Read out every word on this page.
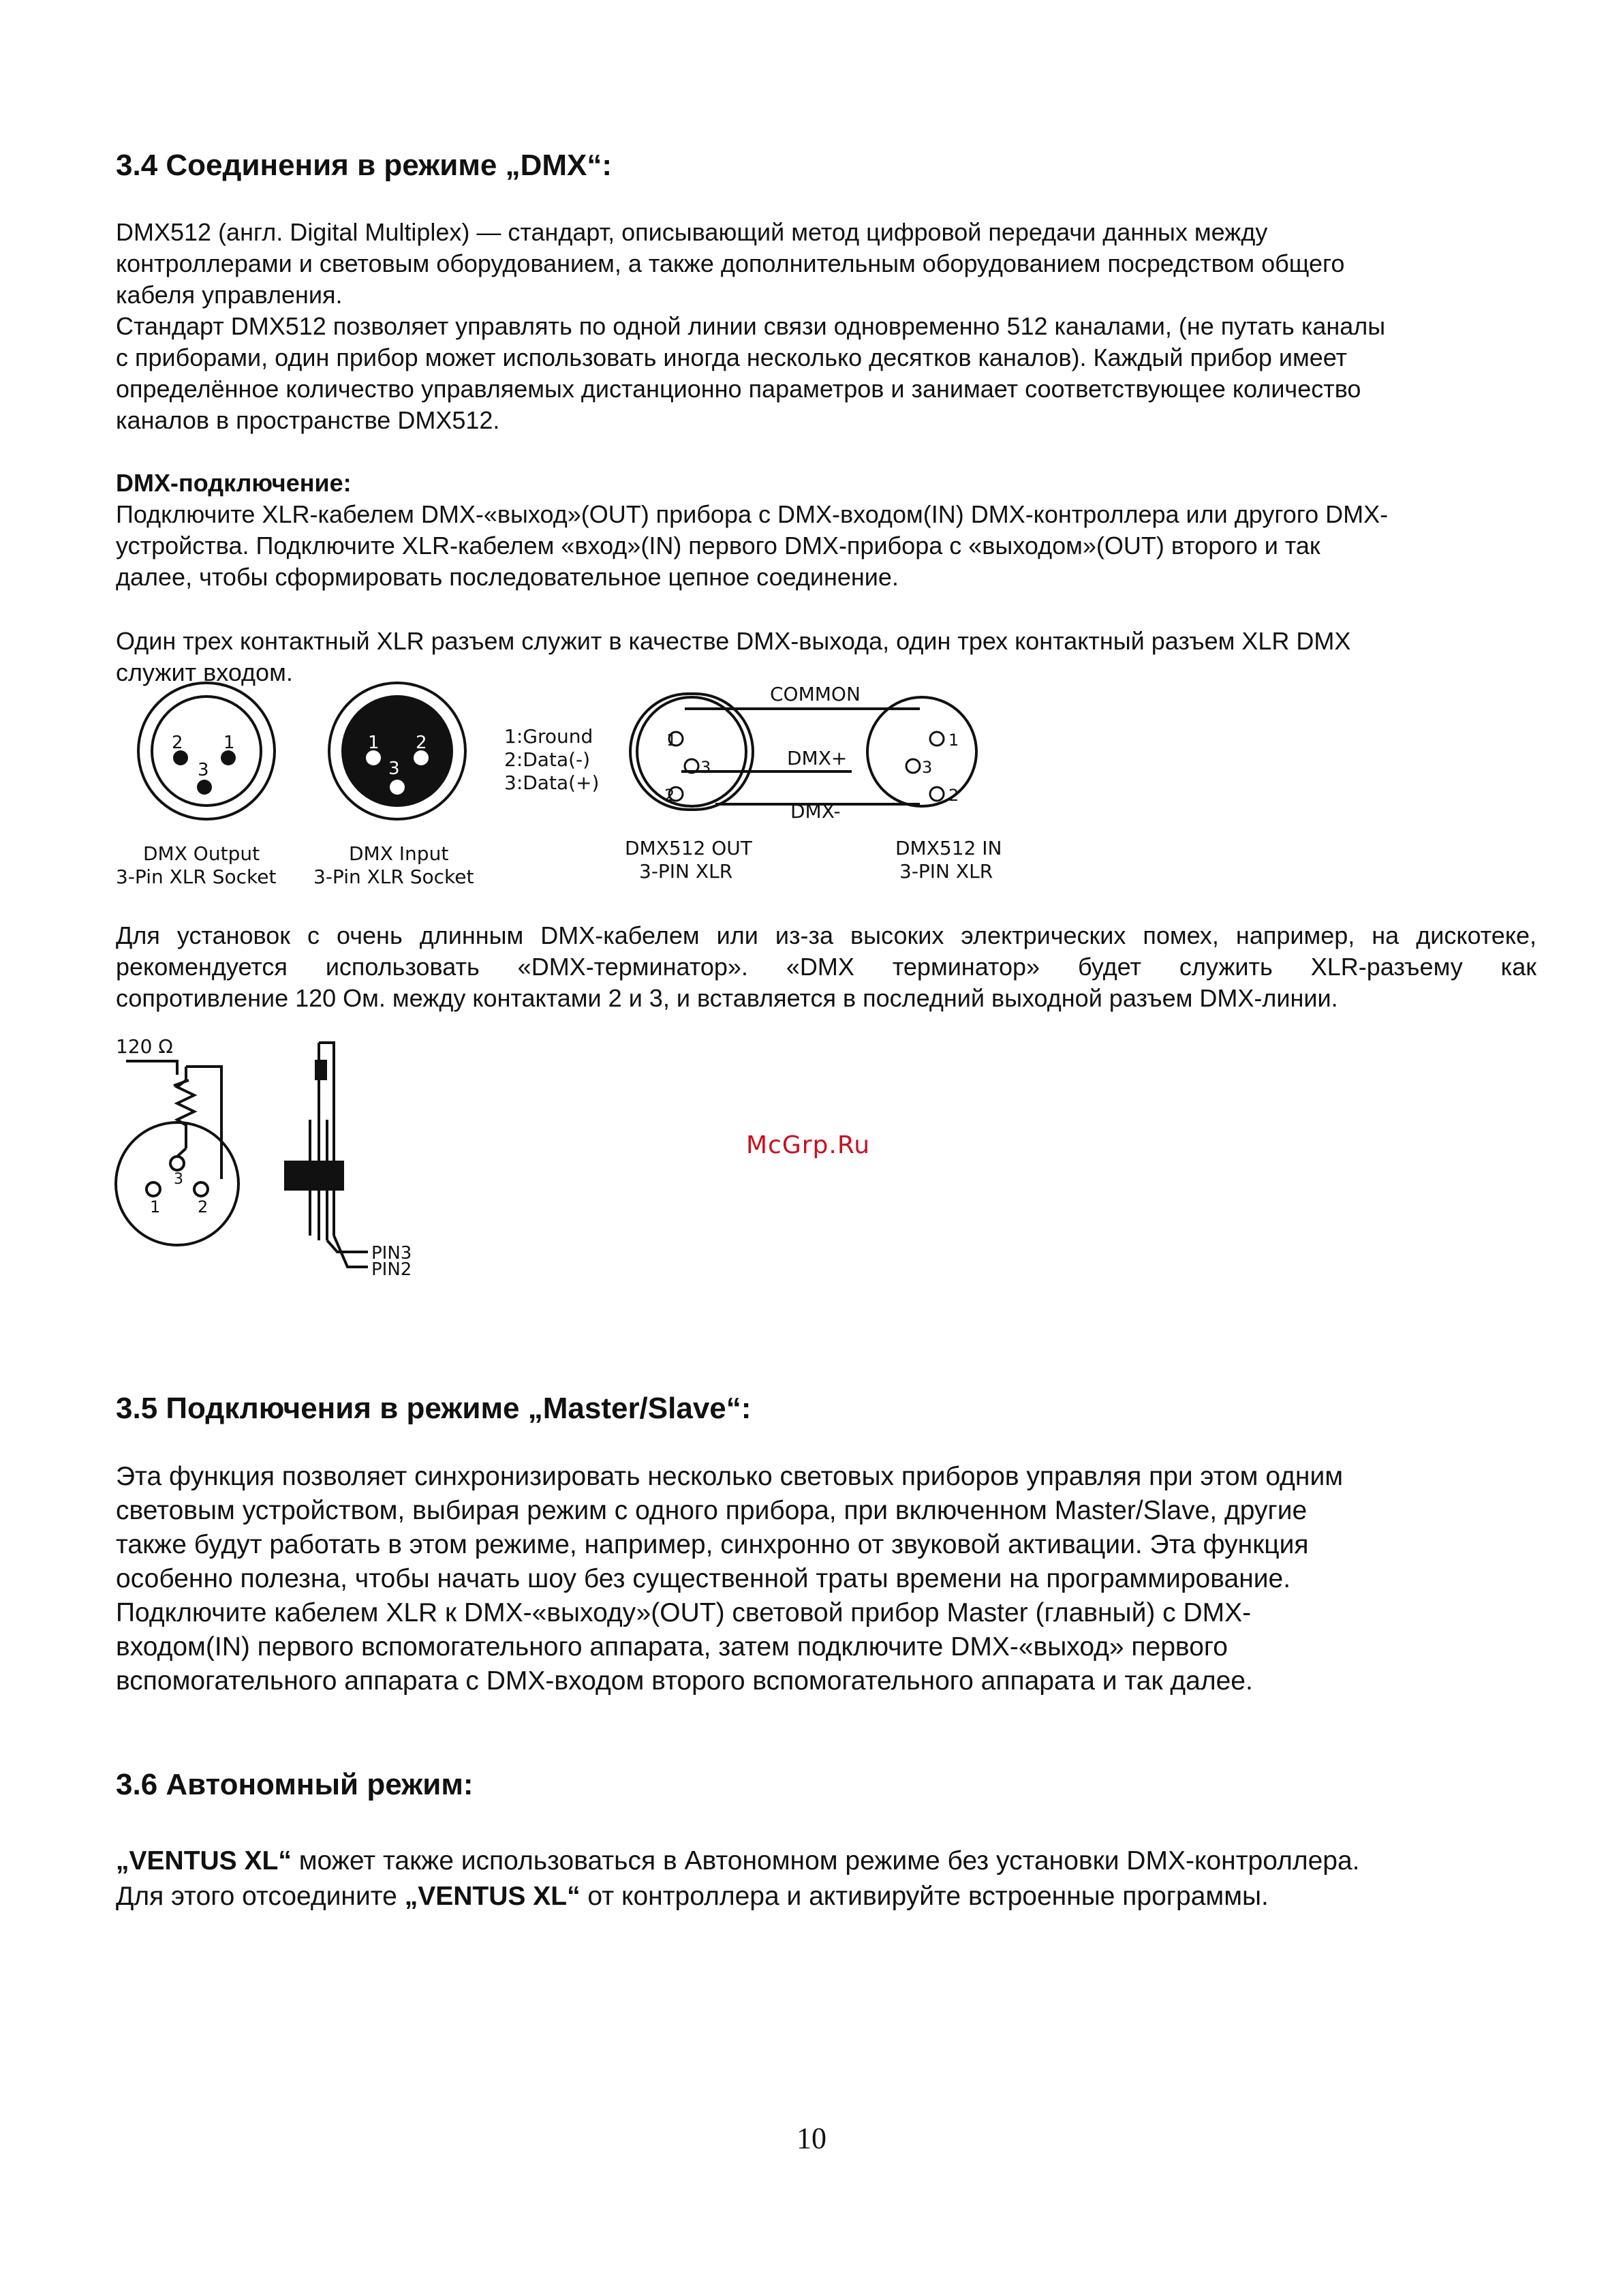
3.4 Соединения в режиме „DMX“:
DMX512 (англ. Digital Multiplex) — стандарт, описывающий метод цифровой передачи данных между
контроллерами и световым оборудованием, а также дополнительным оборудованием посредством общего
кабеля управления.
Стандарт DMX512 позволяет управлять по одной линии связи одновременно 512 каналами, (не путать каналы
с приборами, один прибор может использовать иногда несколько десятков каналов). Каждый прибор имеет
определённое количество управляемых дистанционно параметров и занимает соответствующее количество
каналов в пространстве DMX512.
DMX-подключение:
Подключите XLR-кабелем DMX-«выход»(OUT) прибора с DMX-входом(IN) DMX-контроллера или другого DMX-
устройства. Подключите XLR-кабелем «вход»(IN) первого DMX-прибора с «выходом»(OUT) второго и так
далее, чтобы сформировать последовательное цепное соединение.
Один трех контактный XLR разъем служит в качестве DMX-выхода, один трех контактный разъем XLR DMX
служит входом.
2 1
3
1 2
3
1:Ground
2:Data(-)
3:Data(+)
COMMON
DMX+
DMX-
1
3
2
1
3
2
DMX Output
3-Pin XLR Socket
DMX Input
3-Pin XLR Socket
DMX512 OUT
3-PIN XLR
DMX512 IN
3-PIN XLR
Для установок с очень длинным DMX-кабелем или из-за высоких электрических помех, например, на дискотеке,
рекомендуется использовать «DMX-терминатор». «DMX терминатор» будет служить XLR-разъему как
сопротивление 120 Ом. между контактами 2 и 3, и вставляется в последний выходной разъем DMX-линии.
120 Ω
1 2
3
PIN3
PIN2
McGrp.Ru
3.5 Подключения в режиме „Master/Slave“:
Эта функция позволяет синхронизировать несколько световых приборов управляя при этом одним
световым устройством, выбирая режим с одного прибора, при включенном Master/Slave, другие
также будут работать в этом режиме, например, синхронно от звуковой активации. Эта функция
особенно полезна, чтобы начать шоу без существенной траты времени на программирование.
Подключите кабелем XLR к DMX-«выходу»(OUT) световой прибор Master (главный) с DMX-
входом(IN) первого вспомогательного аппарата, затем подключите DMX-«выход» первого
вспомогательного аппарата с DMX-входом второго вспомогательного аппарата и так далее.
3.6 Автономный режим:
„VENTUS XL“ может также использоваться в Автономном режиме без установки DMX-контроллера.
Для этого отсоедините „VENTUS XL“ от контроллера и активируйте встроенные программы.
10
